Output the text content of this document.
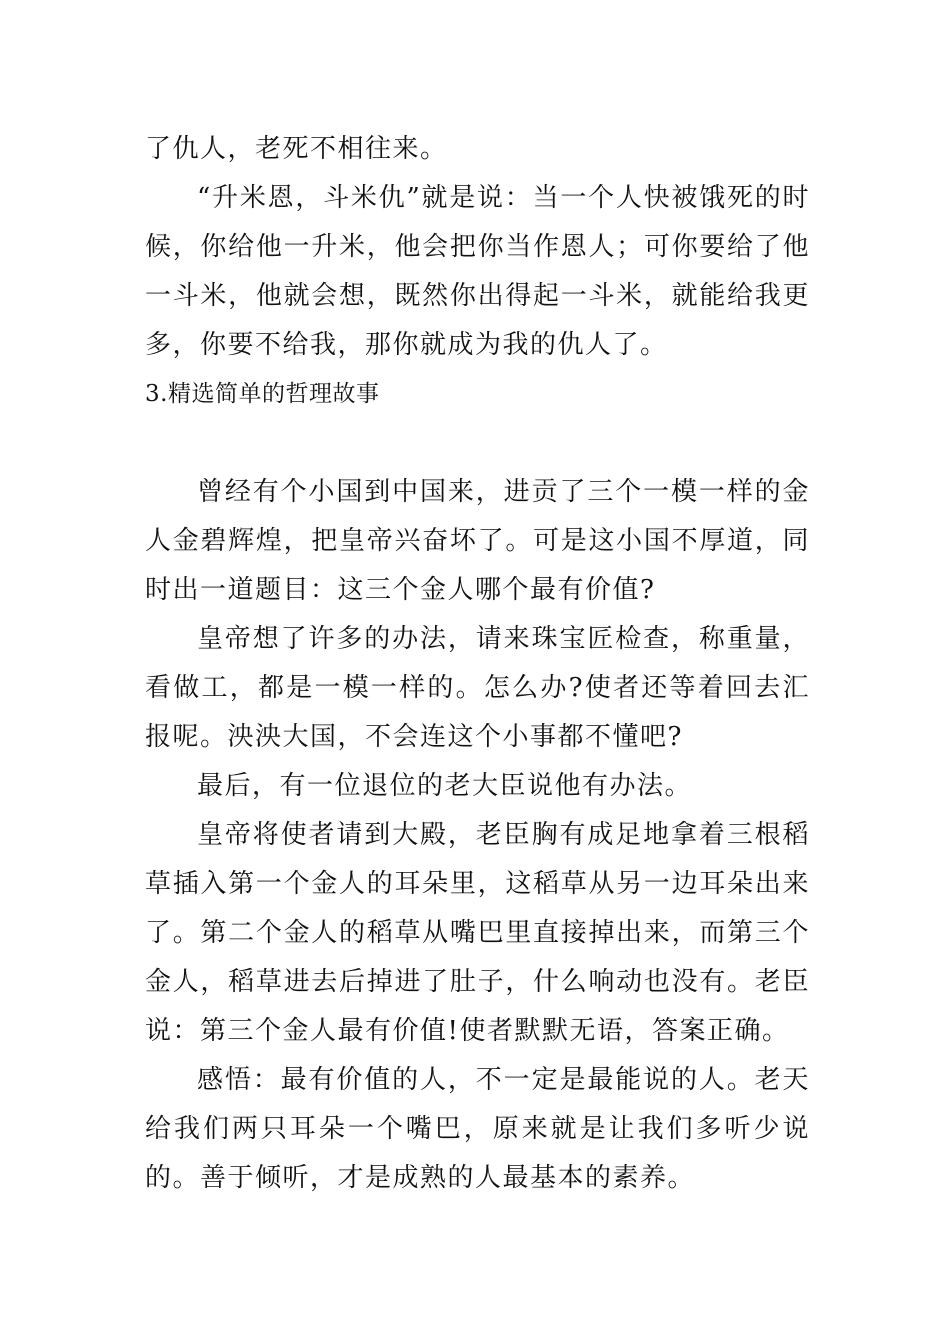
了仇人，老死不相往来。

“升米恩，斗米仇”就是说：当一个人快被饿死的时候，你给他一升米，他会把你当作恩人；可你要给了他一斗米，他就会想，既然你出得起一斗米，就能给我更多，你要不给我，那你就成为我的仇人了。

3.精选简单的哲理故事

曾经有个小国到中国来，进贡了三个一模一样的金人金碧辉煌，把皇帝兴奋坏了。可是这小国不厚道，同时出一道题目：这三个金人哪个最有价值?

皇帝想了许多的办法，请来珠宝匠检查，称重量，看做工，都是一模一样的。怎么办?使者还等着回去汇报呢。泱泱大国，不会连这个小事都不懂吧?

最后，有一位退位的老大臣说他有办法。

皇帝将使者请到大殿，老臣胸有成足地拿着三根稻草插入第一个金人的耳朵里，这稻草从另一边耳朵出来了。第二个金人的稻草从嘴巴里直接掉出来，而第三个金人，稻草进去后掉进了肚子，什么响动也没有。老臣说：第三个金人最有价值!使者默默无语，答案正确。

感悟：最有价值的人，不一定是最能说的人。老天给我们两只耳朵一个嘴巴，原来就是让我们多听少说的。善于倾听，才是成熟的人最基本的素养。
